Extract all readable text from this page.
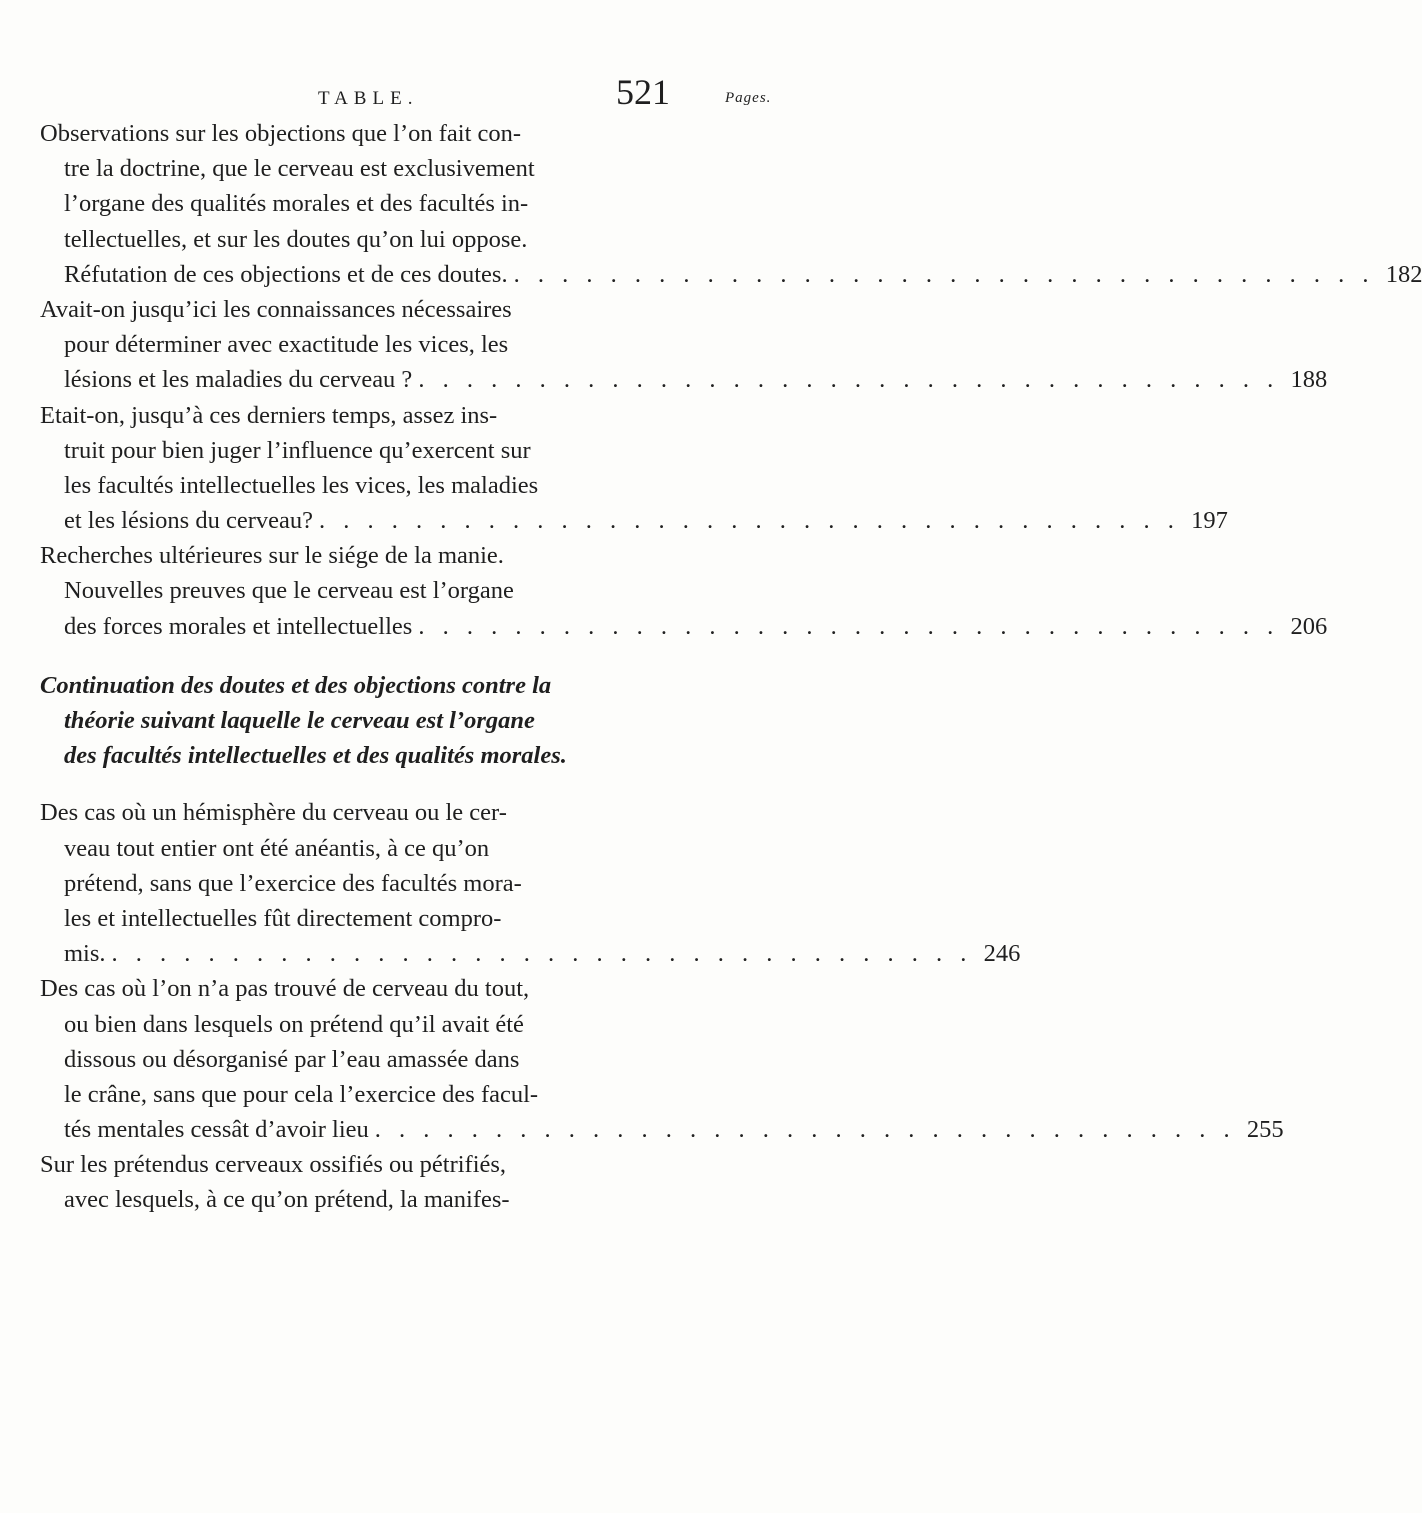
TABLE.	521	Pages.
Observations sur les objections que l’on fait con-
tre la doctrine, que le cerveau est exclusivement
l’organe des qualités morales et des facultés in-
tellectuelles, et sur les doutes qu’on lui oppose.
Réfutation de ces objections et de ces doutes. . . . . . . . . . . . . . . . . . . . . . . . . . . . . . . . . . . . . 182
Avait-on jusqu’ici les connaissances nécessaires
pour déterminer avec exactitude les vices, les
lésions et les maladies du cerveau ? . . . . . . . . . . . . . . . . . . . . . . . . . . . . . . . . . . . . 188
Etait-on, jusqu’à ces derniers temps, assez ins-
truit pour bien juger l’influence qu’exercent sur
les facultés intellectuelles les vices, les maladies
et les lésions du cerveau? . . . . . . . . . . . . . . . . . . . . . . . . . . . . . . . . . . . . 197
Recherches ultérieures sur le siége de la manie.
Nouvelles preuves que le cerveau est l’organe
des forces morales et intellectuelles . . . . . . . . . . . . . . . . . . . . . . . . . . . . . . . . . . . . 206
Continuation des doutes et des objections contre la
théorie suivant laquelle le cerveau est l’organe
des facultés intellectuelles et des qualités morales.
Des cas où un hémisphère du cerveau ou le cer-
veau tout entier ont été anéantis, à ce qu’on
prétend, sans que l’exercice des facultés mora-
les et intellectuelles fût directement compro-
mis. . . . . . . . . . . . . . . . . . . . . . . . . . . . . . . . . . . . . 246
Des cas où l’on n’a pas trouvé de cerveau du tout,
ou bien dans lesquels on prétend qu’il avait été
dissous ou désorganisé par l’eau amassée dans
le crâne, sans que pour cela l’exercice des facul-
tés mentales cessât d’avoir lieu . . . . . . . . . . . . . . . . . . . . . . . . . . . . . . . . . . . . 255
Sur les prétendus cerveaux ossifiés ou pétrifiés,
avec lesquels, à ce qu’on prétend, la manifes-
